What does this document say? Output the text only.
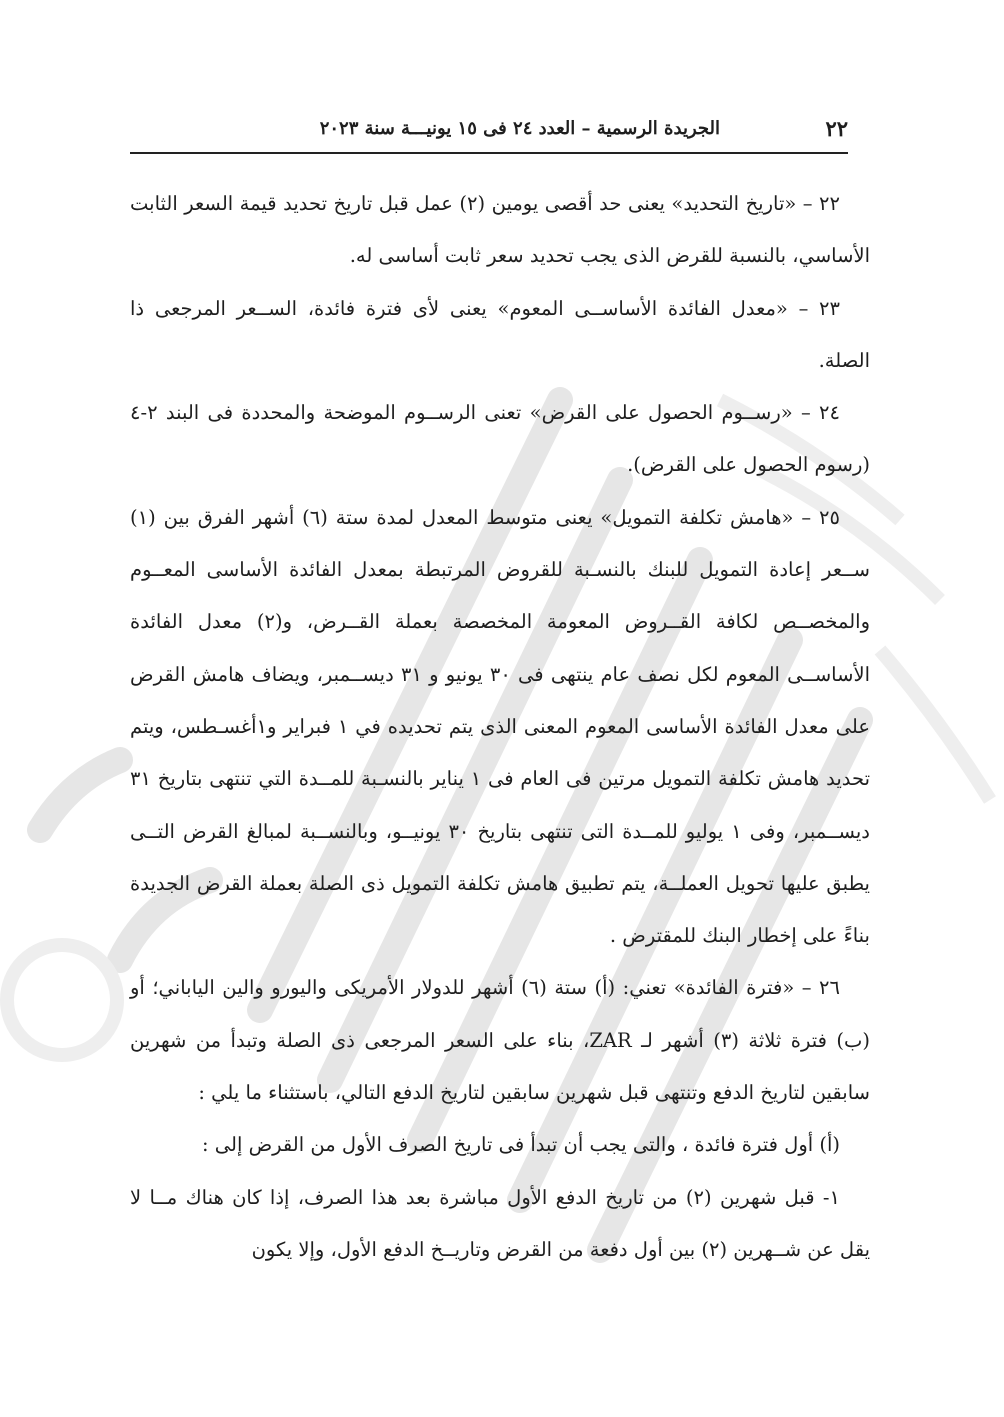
٢٢
الجريدة الرسمية – العدد ٢٤ فى ١٥ يونيـــة سنة ٢٠٢٣

٢٢ – «تاريخ التحديد» يعنى حد أقصى يومين (٢) عمل قبل تاريخ تحديد قيمة السعر الثابت الأساسي، بالنسبة للقرض الذى يجب تحديد سعر ثابت أساسى له.

٢٣ – «معدل الفائدة الأساســى المعوم» يعنى لأى فترة فائدة، الســعر المرجعى ذا الصلة.

٢٤ – «رســوم الحصول على القرض» تعنى الرســوم الموضحة والمحددة فى البند ٢-٤ (رسوم الحصول على القرض).

٢٥ – «هامش تكلفة التمويل» يعنى متوسط المعدل لمدة ستة (٦) أشهر الفرق بين (١) ســعر إعادة التمويل للبنك بالنسـبة للقروض المرتبطة بمعدل الفائدة الأساسى المعــوم والمخصــص لكافة القــروض المعومة المخصصة بعملة القــرض، و(٢) معدل الفائدة الأساســى المعوم لكل نصف عام ينتهى فى ٣٠ يونيو و ٣١ ديســمبر، ويضاف هامش القرض على معدل الفائدة الأساسى المعوم المعنى الذى يتم تحديده في ١ فبراير و١أغسـطس، ويتم تحديد هامش تكلفة التمويل مرتين فى العام فى ١ يناير بالنسـبة للمــدة التي تنتهى بتاريخ ٣١ ديســمبر، وفى ١ يوليو للمــدة التى تنتهى بتاريخ ٣٠ يونيــو، وبالنســبة لمبالغ القرض التــى يطبق عليها تحويل العملــة، يتم تطبيق هامش تكلفة التمويل ذى الصلة بعملة القرض الجديدة بناءً على إخطار البنك للمقترض .

٢٦ – «فترة الفائدة» تعني: (أ) ستة (٦) أشهر للدولار الأمريكى واليورو والين الياباني؛ أو (ب) فترة ثلاثة (٣) أشهر لـ ZAR، بناء على السعر المرجعى ذى الصلة وتبدأ من شهرين سابقين لتاريخ الدفع وتنتهى قبل شهرين سابقين لتاريخ الدفع التالي، باستثناء ما يلي :

(أ) أول فترة فائدة ، والتى يجب أن تبدأ فى تاريخ الصرف الأول من القرض إلى :

١- قبل شهرين (٢) من تاريخ الدفع الأول مباشرة بعد هذا الصرف، إذا كان هناك مــا لا يقل عن شــهرين (٢) بين أول دفعة من القرض وتاريــخ الدفع الأول، وإلا يكون
